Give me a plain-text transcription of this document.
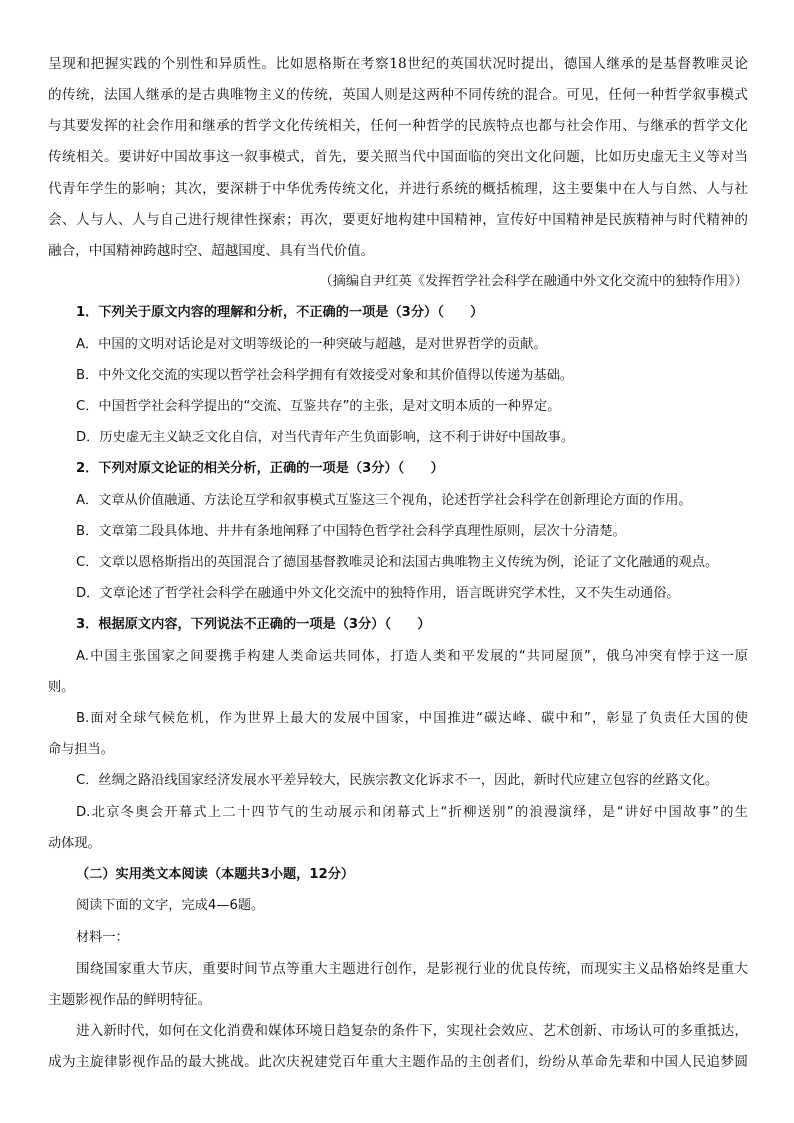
呈现和把握实践的个别性和异质性。比如恩格斯在考察18世纪的英国状况时提出，德国人继承的是基督教唯灵论
的传统，法国人继承的是古典唯物主义的传统，英国人则是这两种不同传统的混合。可见，任何一种哲学叙事模式
与其要发挥的社会作用和继承的哲学文化传统相关，任何一种哲学的民族特点也都与社会作用、与继承的哲学文化
传统相关。要讲好中国故事这一叙事模式，首先，要关照当代中国面临的突出文化问题，比如历史虚无主义等对当
代青年学生的影响；其次，要深耕于中华优秀传统文化，并进行系统的概括梳理，这主要集中在人与自然、人与社
会、人与人、人与自己进行规律性探索；再次，要更好地构建中国精神，宣传好中国精神是民族精神与时代精神的
融合，中国精神跨越时空、超越国度、具有当代价值。
（摘编自尹红英《发挥哲学社会科学在融通中外文化交流中的独特作用》）
1．下列关于原文内容的理解和分析，不正确的一项是（3分）（　　）
A．中国的文明对话论是对文明等级论的一种突破与超越，是对世界哲学的贡献。
B．中外文化交流的实现以哲学社会科学拥有有效接受对象和其价值得以传递为基础。
C．中国哲学社会科学提出的“交流、互鉴共存”的主张，是对文明本质的一种界定。
D．历史虚无主义缺乏文化自信，对当代青年产生负面影响，这不利于讲好中国故事。
2．下列对原文论证的相关分析，正确的一项是（3分）（　　）
A．文章从价值融通、方法论互学和叙事模式互鉴这三个视角，论述哲学社会科学在创新理论方面的作用。
B．文章第二段具体地、井井有条地阐释了中国特色哲学社会科学真理性原则，层次十分清楚。
C．文章以恩格斯指出的英国混合了德国基督教唯灵论和法国古典唯物主义传统为例，论证了文化融通的观点。
D．文章论述了哲学社会科学在融通中外文化交流中的独特作用，语言既讲究学术性，又不失生动通俗。
3．根据原文内容，下列说法不正确的一项是（3分）（　　）
A.中国主张国家之间要携手构建人类命运共同体，打造人类和平发展的“共同屋顶”，俄乌冲突有悖于这一原
则。
B.面对全球气候危机，作为世界上最大的发展中国家，中国推进“碳达峰、碳中和”，彰显了负责任大国的使
命与担当。
C．丝绸之路沿线国家经济发展水平差异较大，民族宗教文化诉求不一，因此，新时代应建立包容的丝路文化。
D.北京冬奥会开幕式上二十四节气的生动展示和闭幕式上“折柳送别”的浪漫演绎，是“讲好中国故事”的生
动体现。
（二）实用类文本阅读（本题共3小题，12分）
阅读下面的文字，完成4—6题。
材料一：
围绕国家重大节庆，重要时间节点等重大主题进行创作，是影视行业的优良传统，而现实主义品格始终是重大
主题影视作品的鲜明特征。
进入新时代，如何在文化消费和媒体环境日趋复杂的条件下，实现社会效应、艺术创新、市场认可的多重抵达，
成为主旋律影视作品的最大挑战。此次庆祝建党百年重大主题作品的主创者们，纷纷从革命先辈和中国人民追梦圆
